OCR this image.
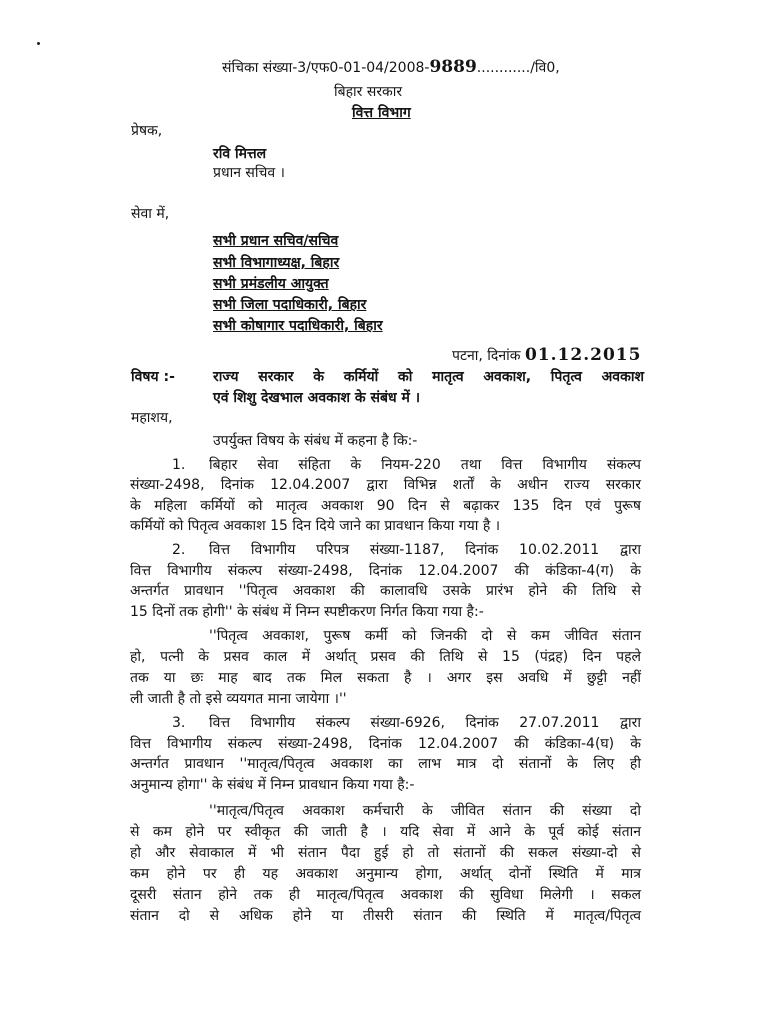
संचिका संख्या-3/एफ0-01-04/2008-9889............/वि0,
बिहार सरकार
वित्त विभाग
प्रेषक,
रवि मित्तल
प्रधान सचिव ।
सेवा में,
सभी प्रधान सचिव/सचिव
सभी विभागाध्यक्ष, बिहार
सभी प्रमंडलीय आयुक्त
सभी जिला पदाधिकारी, बिहार
सभी कोषागार पदाधिकारी, बिहार
पटना, दिनांक 01.12.2015
विषय :-	राज्य सरकार के कर्मियों को मातृत्व अवकाश, पितृत्व अवकाश
एवं शिशु देखभाल अवकाश के संबंध में ।
महाशय,
उपर्युक्त विषय के संबंध में कहना है कि:-
1. बिहार सेवा संहिता के नियम-220 तथा वित्त विभागीय संकल्प
संख्या-2498, दिनांक 12.04.2007 द्वारा विभिन्न शर्तों के अधीन राज्य सरकार
के महिला कर्मियों को मातृत्व अवकाश 90 दिन से बढ़ाकर 135 दिन एवं पुरूष
कर्मियों को पितृत्व अवकाश 15 दिन दिये जाने का प्रावधान किया गया है ।
2. वित्त विभागीय परिपत्र संख्या-1187, दिनांक 10.02.2011 द्वारा
वित्त विभागीय संकल्प संख्या-2498, दिनांक 12.04.2007 की कंडिका-4(ग) के
अन्तर्गत प्रावधान ''पितृत्व अवकाश की कालावधि उसके प्रारंभ होने की तिथि से
15 दिनों तक होगी'' के संबंध में निम्न स्पष्टीकरण निर्गत किया गया है:-
''पितृत्व अवकाश, पुरूष कर्मी को जिनकी दो से कम जीवित संतान
हो, पत्नी के प्रसव काल में अर्थात् प्रसव की तिथि से 15 (पंद्रह) दिन पहले
तक या छः माह बाद तक मिल सकता है । अगर इस अवधि में छुट्टी नहीं
ली जाती है तो इसे व्ययगत माना जायेगा ।''
3. वित्त विभागीय संकल्प संख्या-6926, दिनांक 27.07.2011 द्वारा
वित्त विभागीय संकल्प संख्या-2498, दिनांक 12.04.2007 की कंडिका-4(घ) के
अन्तर्गत प्रावधान ''मातृत्व/पितृत्व अवकाश का लाभ मात्र दो संतानों के लिए ही
अनुमान्य होगा'' के संबंध में निम्न प्रावधान किया गया है:-
''मातृत्व/पितृत्व अवकाश कर्मचारी के जीवित संतान की संख्या दो
से कम होने पर स्वीकृत की जाती है । यदि सेवा में आने के पूर्व कोई संतान
हो और सेवाकाल में भी संतान पैदा हुई हो तो संतानों की सकल संख्या-दो से
कम होने पर ही यह अवकाश अनुमान्य होगा, अर्थात् दोनों स्थिति में मात्र
दूसरी संतान होने तक ही मातृत्व/पितृत्व अवकाश की सुविधा मिलेगी । सकल
संतान दो से अधिक होने या तीसरी संतान की स्थिति में मातृत्व/पितृत्व
